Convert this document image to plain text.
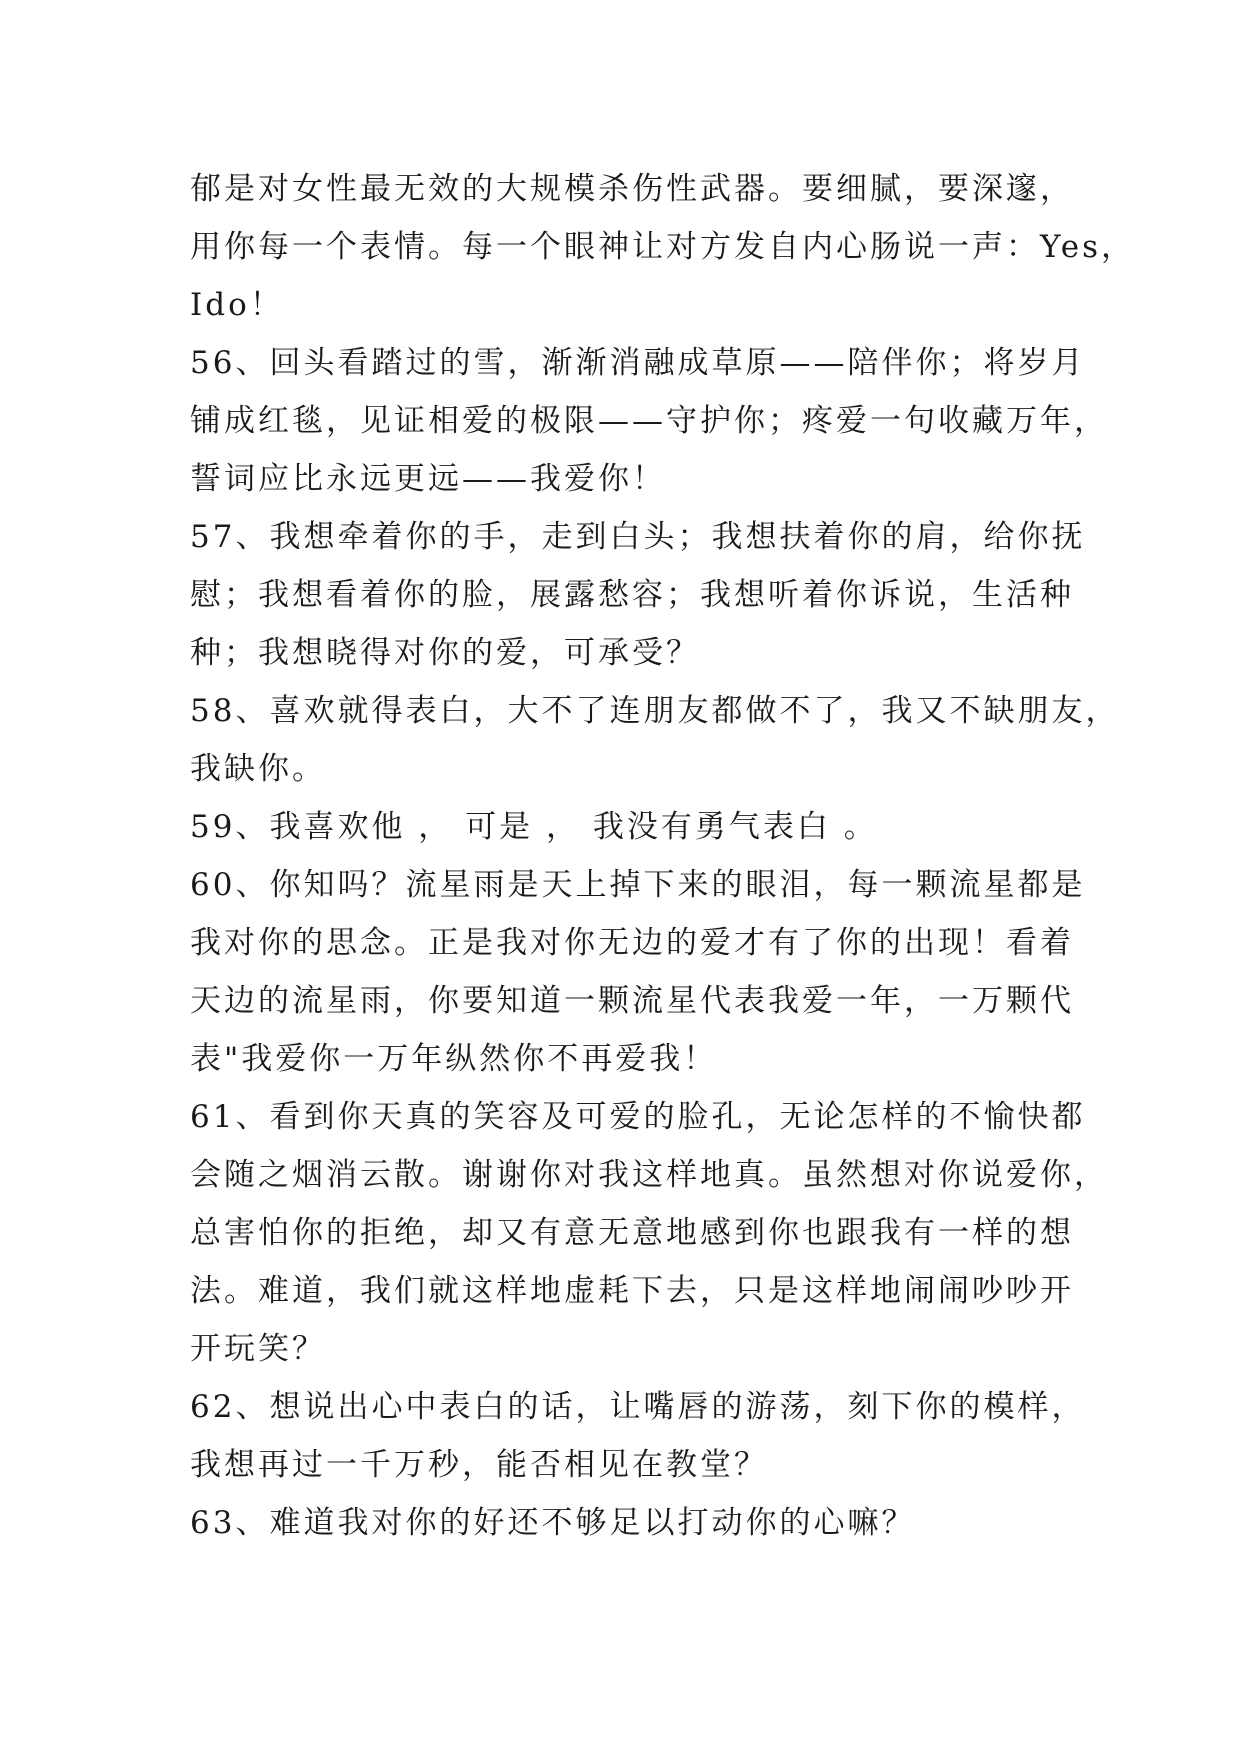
郁是对女性最无效的大规模杀伤性武器。要细腻，要深邃，
用你每一个表情。每一个眼神让对方发自内心肠说一声：Yes，
Ido！
56、回头看踏过的雪，渐渐消融成草原——陪伴你；将岁月
铺成红毯，见证相爱的极限——守护你；疼爱一句收藏万年，
誓词应比永远更远——我爱你！
57、我想牵着你的手，走到白头；我想扶着你的肩，给你抚
慰；我想看着你的脸，展露愁容；我想听着你诉说，生活种
种；我想晓得对你的爱，可承受？
58、喜欢就得表白，大不了连朋友都做不了，我又不缺朋友，
我缺你。
59、我喜欢他 ， 可是 ， 我没有勇气表白 。
60、你知吗？流星雨是天上掉下来的眼泪，每一颗流星都是
我对你的思念。正是我对你无边的爱才有了你的出现！看着
天边的流星雨，你要知道一颗流星代表我爱一年，一万颗代
表"我爱你一万年纵然你不再爱我！
61、看到你天真的笑容及可爱的脸孔，无论怎样的不愉快都
会随之烟消云散。谢谢你对我这样地真。虽然想对你说爱你，
总害怕你的拒绝，却又有意无意地感到你也跟我有一样的想
法。难道，我们就这样地虚耗下去，只是这样地闹闹吵吵开
开玩笑？
62、想说出心中表白的话，让嘴唇的游荡，刻下你的模样，
我想再过一千万秒，能否相见在教堂？
63、难道我对你的好还不够足以打动你的心嘛？
